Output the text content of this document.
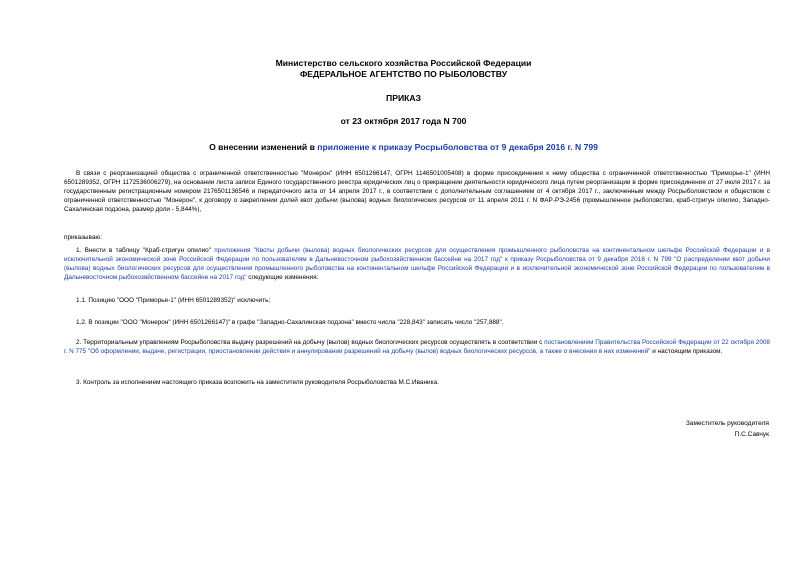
Министерство сельского хозяйства Российской Федерации
ФЕДЕРАЛЬНОЕ АГЕНТСТВО ПО РЫБОЛОВСТВУ
ПРИКАЗ
от 23 октября 2017 года N 700
О внесении изменений в приложение к приказу Росрыболовства от 9 декабря 2016 г. N 799
В связи с реорганизацией общества с ограниченной ответственностью "Монерон" (ИНН 6501266147, ОГРН 1146501005408) в форме присоединения к нему общества с ограниченной ответственностью "Приморье-1" (ИНН 6501289352, ОГРН 1172536006279), на основании листа записи Единого государственного реестра юридических лиц о прекращении деятельности юридического лица путем реорганизации в форме присоединения от 27 июля 2017 г. за государственным регистрационным номером 2176501136546 и передаточного акта от 14 апреля 2017 г., в соответствии с дополнительным соглашением от 4 октября 2017 г., заключенным между Росрыболовством и обществом с ограниченной ответственностью "Монерон", к договору о закреплении долей квот добычи (вылова) водных биологических ресурсов от 11 апреля 2011 г. N ФАР-РЭ-2456 (промышленное рыболовство, краб-стригун опилио, Западно-Сахалинская подзона, размер доли - 5,844%),
приказываю:
1. Внести в таблицу "Краб-стригун опилио" приложения "Квоты добычи (вылова) водных биологических ресурсов для осуществления промышленного рыболовства на континентальном шельфе Российской Федерации и в исключительной экономической зоне Российской Федерации по пользователям в Дальневосточном рыбохозяйственном бассейне на 2017 год" к приказу Росрыболовства от 9 декабря 2016 г. N 799 "О распределении квот добычи (вылова) водных биологических ресурсов для осуществления промышленного рыболовства на континентальном шельфе Российской Федерации и в исключительной экономической зоне Российской Федерации по пользователям в Дальневосточном рыбохозяйственном бассейне на 2017 год" следующие изменения:
1.1. Позицию "ООО "Приморье-1" (ИНН 6501289352)" исключить;
1.2. В позиции "ООО "Монерон" (ИНН 6501266147)" в графе "Западно-Сахалинская подзона" вместо числа "228,843" записать число "257,888".
2. Территориальным управлениям Росрыболовства выдачу разрешений на добычу (вылов) водных биологических ресурсов осуществлять в соответствии с постановлением Правительства Российской Федерации от 22 октября 2008 г. N 775 "Об оформлении, выдаче, регистрации, приостановлении действия и аннулировании разрешений на добычу (вылов) водных биологических ресурсов, а также о внесении в них изменений" и настоящим приказом.
3. Контроль за исполнением настоящего приказа возложить на заместителя руководителя Росрыболовства М.С.Иваника.
Заместитель руководителя
П.С.Савчук
